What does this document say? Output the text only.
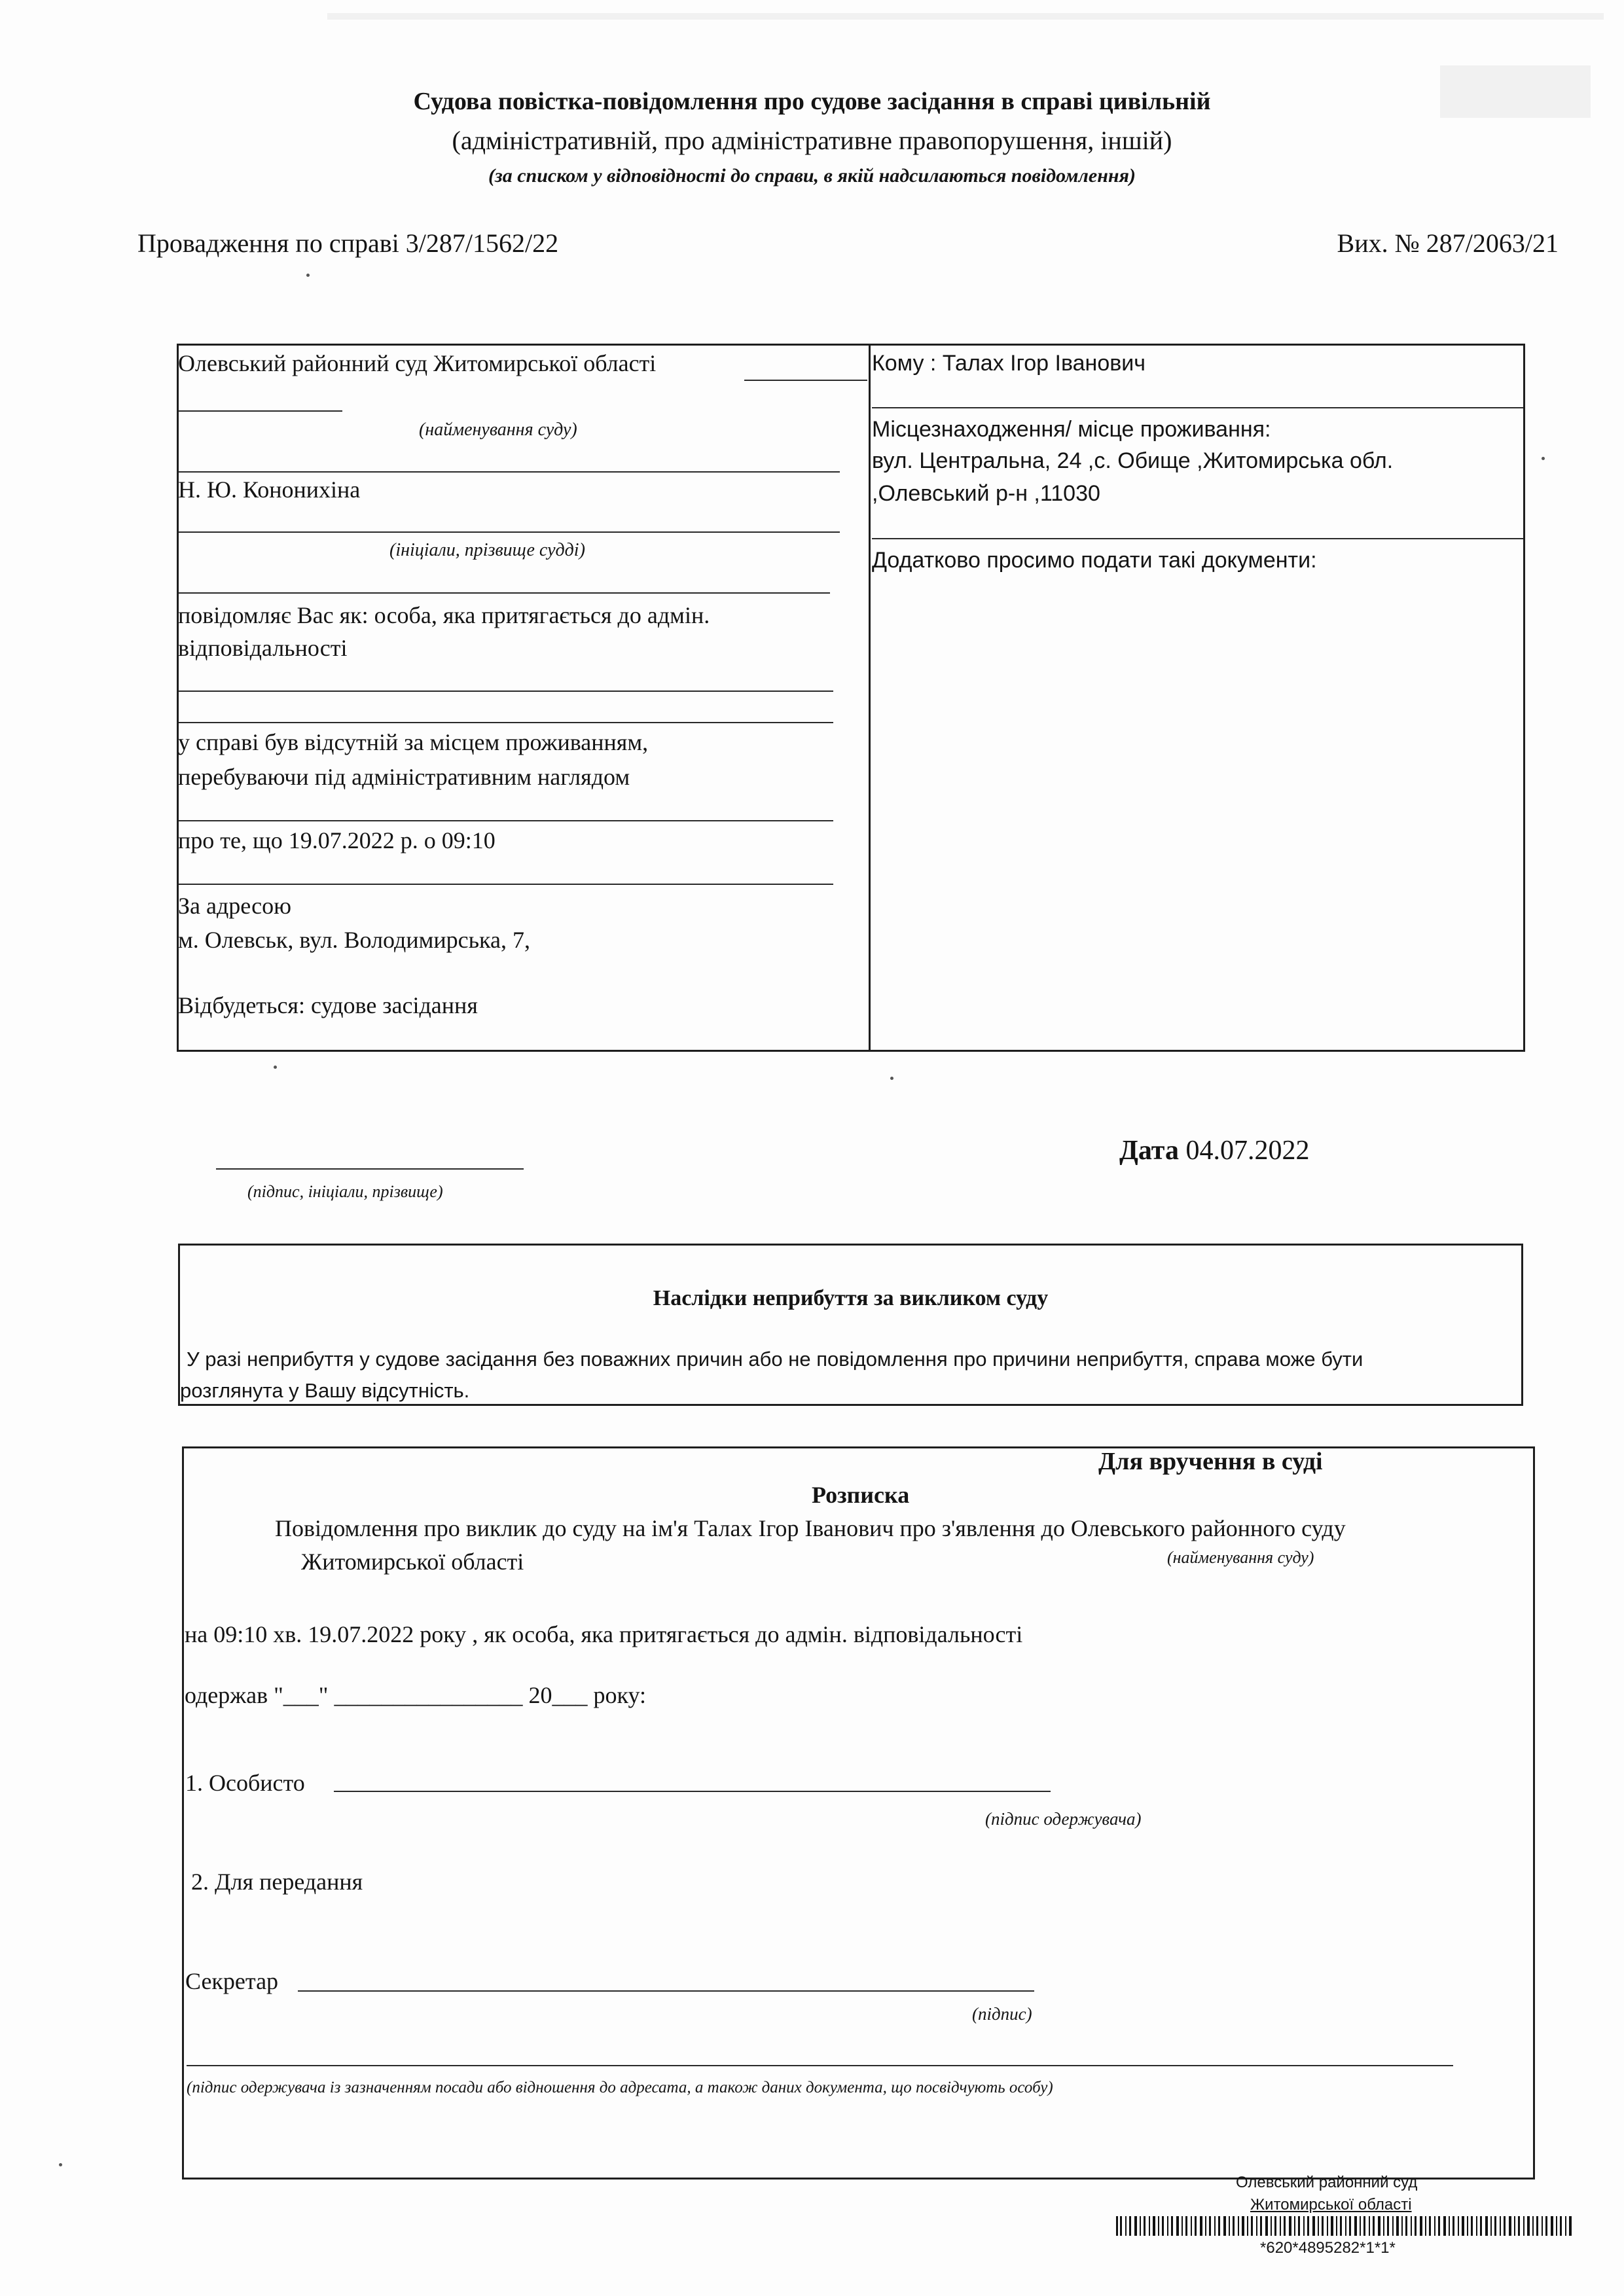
Судова повістка-повідомлення про судове засідання в справі цивільній
(адміністративній, про адміністративне правопорушення, іншій)
(за списком у відповідності до справи, в якій надсилаються повідомлення)
Провадження по справі 3/287/1562/22	Вих. № 287/2063/21
Олевський районний суд Житомирської області
(найменування суду)
Н. Ю. Кононихіна
(ініціали, прізвище судді)
повідомляє Вас як: особа, яка притягається до адмін.
відповідальності
у справі був відсутній за місцем проживанням,
перебуваючи під адміністративним наглядом
про те, що 19.07.2022 р. о 09:10
За адресою
м. Олевськ, вул. Володимирська, 7,
Відбудеться: судове засідання
Кому : Талах Ігор Іванович
Місцезнаходження/ місце проживання:
вул. Центральна, 24 ,с. Обище ,Житомирська обл.
,Олевський р-н ,11030
Додатково просимо подати такі документи:
(підпис, ініціали, прізвище)
Дата 04.07.2022
Наслідки неприбуття за викликом суду
У разі неприбуття у судове засідання без поважних причин або не повідомлення про причини неприбуття, справа може бути
розглянута у Вашу відсутність.
Для вручення в суді
Розписка
Повідомлення про виклик до суду на ім'я Талах Ігор Іванович про з'явлення до Олевського районного суду
Житомирської області	(найменування суду)
на 09:10 хв. 19.07.2022 року , як особа, яка притягається до адмін. відповідальності
одержав "___" ________________ 20___ року:
1. Особисто
(підпис одержувача)
2. Для передання
Секретар
(підпис)
(підпис одержувача із зазначенням посади або відношення до адресата, а також даних документа, що посвідчують особу)
Олевський районний суд
Житомирської області
*620*4895282*1*1*
